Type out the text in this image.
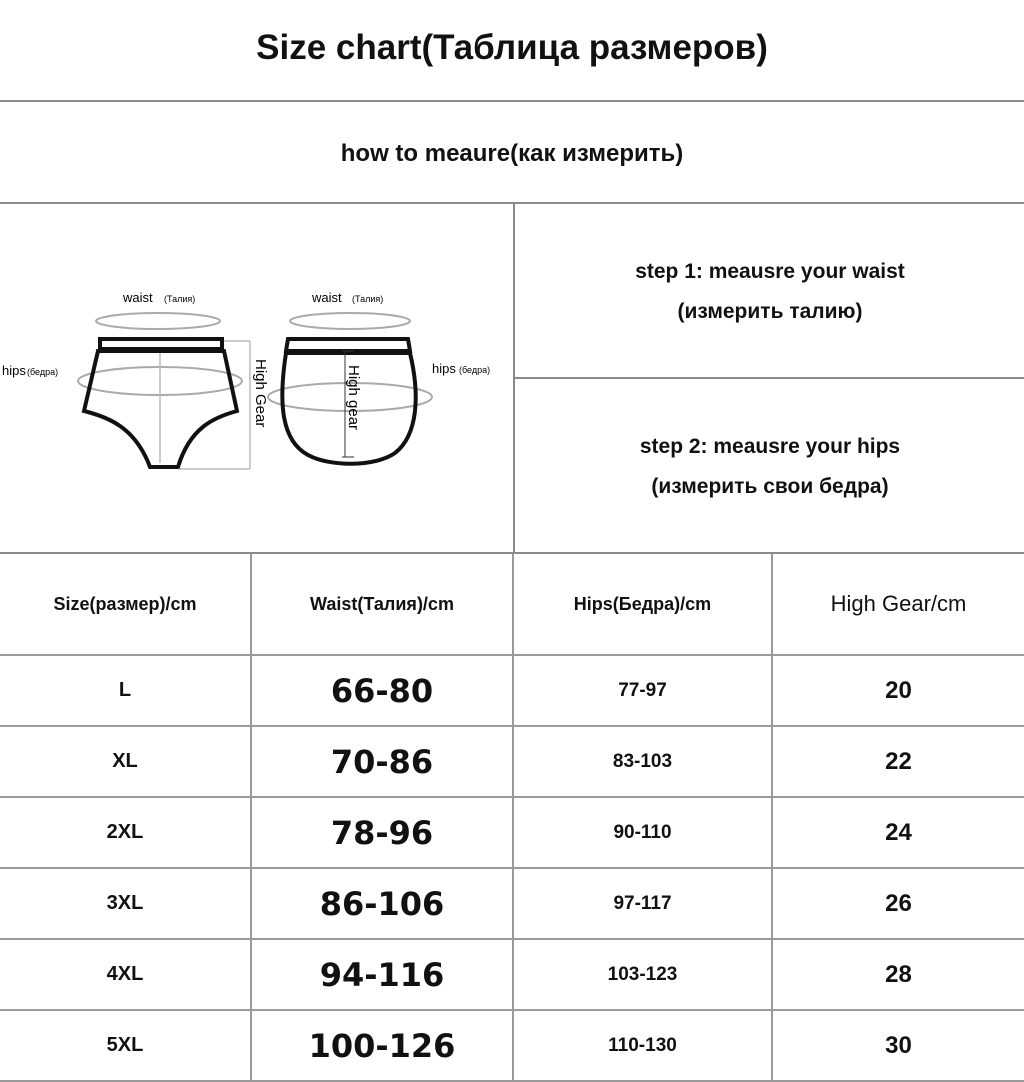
Size chart(Таблица размеров)
how to meaure(как измерить)
step 1: meausre your waist
(измерить талию)
step 2: meausre your hips
(измерить свои бедра)
waist (Талия)
hips (бедра)	High Gear
waist (Талия)
hips (бедра)
High gear
Size(размер)/cm	Waist(Талия)/cm	Hips(Бедра)/cm	High Gear/cm
L	66-80	77-97	20
XL	70-86	83-103	22
2XL	78-96	90-110	24
3XL	86-106	97-117	26
4XL	94-116	103-123	28
5XL	100-126	110-130	30
